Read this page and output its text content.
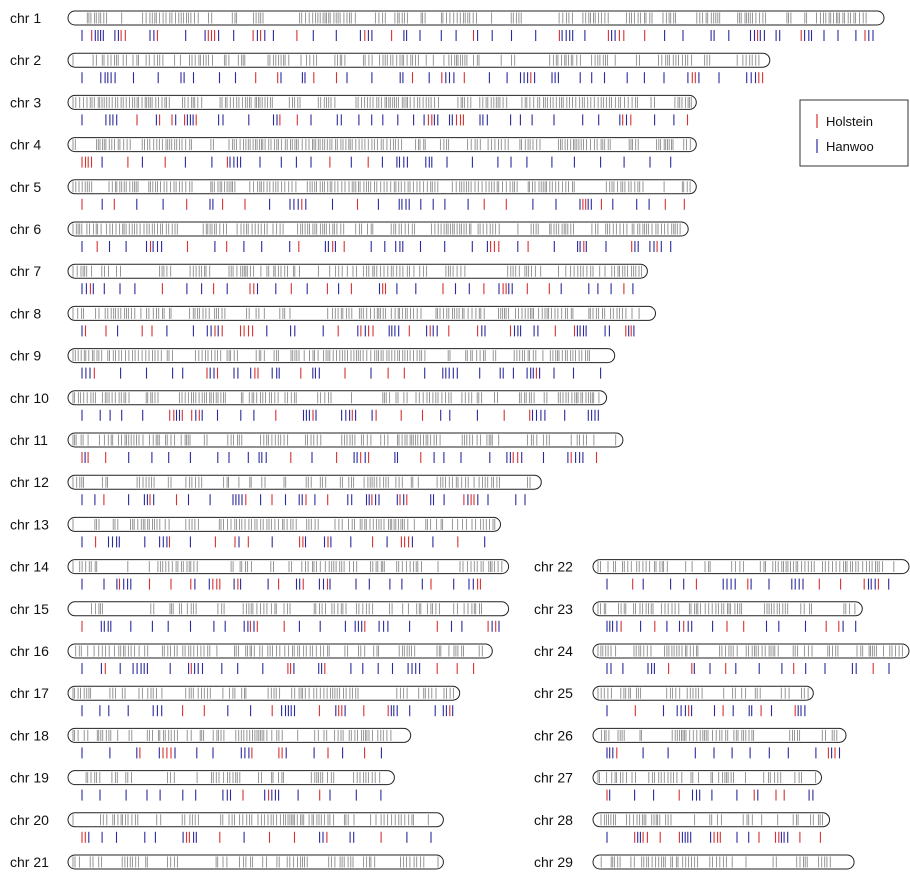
chr 1
chr 2
chr 3
chr 4
chr 5
chr 6
chr 7
chr 8
chr 9
chr 10
chr 11
chr 12
chr 13
chr 14
chr 15
chr 16
chr 17
chr 18
chr 19
chr 20
chr 21
chr 22
chr 23
chr 24
chr 25
chr 26
chr 27
chr 28
chr 29
Holstein
Hanwoo
